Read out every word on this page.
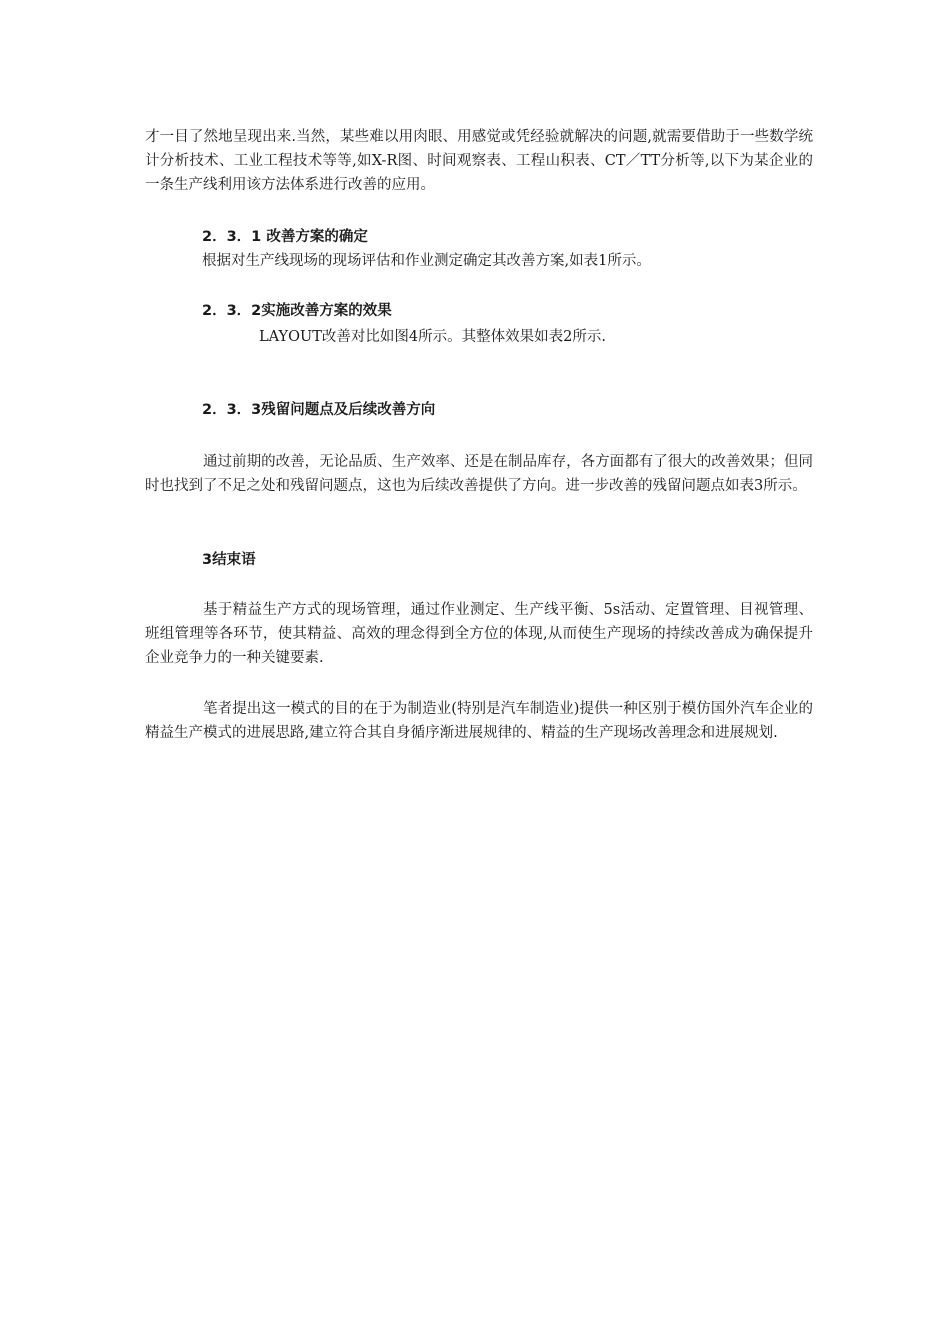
才一目了然地呈现出来.当然，某些难以用肉眼、用感觉或凭经验就解决的问题,就需要借助于一些数学统计分析技术、工业工程技术等等,如X-R图、时间观察表、工程山积表、CT／TT分析等,以下为某企业的一条生产线利用该方法体系进行改善的应用。

2．3．1 改善方案的确定

根据对生产线现场的现场评估和作业测定确定其改善方案,如表1所示。

2．3．2实施改善方案的效果

LAYOUT改善对比如图4所示。其整体效果如表2所示.

2．3．3残留问题点及后续改善方向

通过前期的改善，无论品质、生产效率、还是在制品库存，各方面都有了很大的改善效果；但同时也找到了不足之处和残留问题点，这也为后续改善提供了方向。进一步改善的残留问题点如表3所示。

3结束语

基于精益生产方式的现场管理，通过作业测定、生产线平衡、5s活动、定置管理、目视管理、班组管理等各环节，使其精益、高效的理念得到全方位的体现,从而使生产现场的持续改善成为确保提升企业竞争力的一种关键要素.

笔者提出这一模式的目的在于为制造业(特别是汽车制造业)提供一种区别于模仿国外汽车企业的精益生产模式的进展思路,建立符合其自身循序渐进展规律的、精益的生产现场改善理念和进展规划.
